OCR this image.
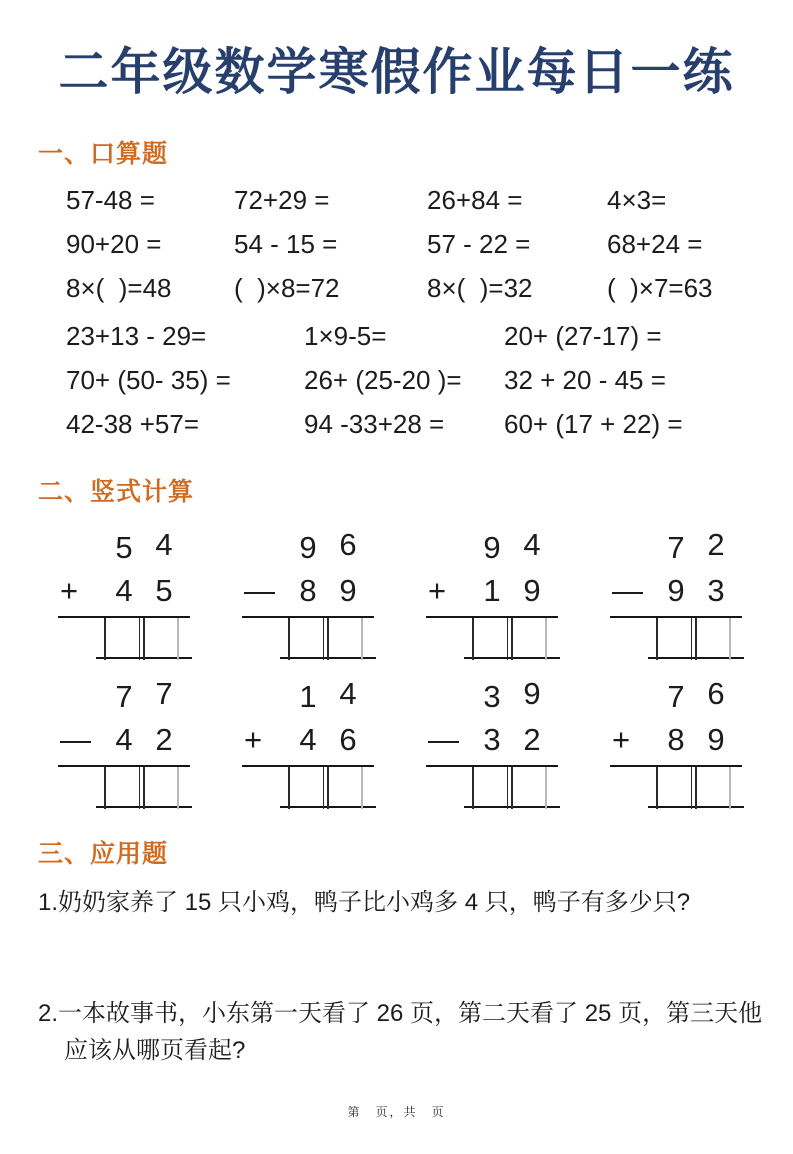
二年级数学寒假作业每日一练
一、口算题
57-48 =	72+29 =	26+84 =	4×3=
90+20 =	54 - 15 =	57 - 22 =	68+24 =
8×(  )=48	(  )×8=72	8×(  )=32	(  )×7=63
23+13 - 29=	1×9-5=	20+ (27-17) =
70+ (50- 35) =	26+ (25-20 )=	32 + 20 - 45 =
42-38 +57=	94 -33+28 =	60+ (17 + 22) =
二、竖式计算
5 4
+	4 5
9 6
— 8 9
9 4
+	1 9
7 2
— 9 3
7 7
— 4 2
1 4
+	4 6
3 9
— 3 2
7 6
+	8 9
三、应用题
1.奶奶家养了 15 只小鸡，鸭子比小鸡多 4 只，鸭子有多少只?
2.一本故事书，小东第一天看了 26 页，第二天看了 25 页，第三天他
应该从哪页看起?
第　页，共　页
